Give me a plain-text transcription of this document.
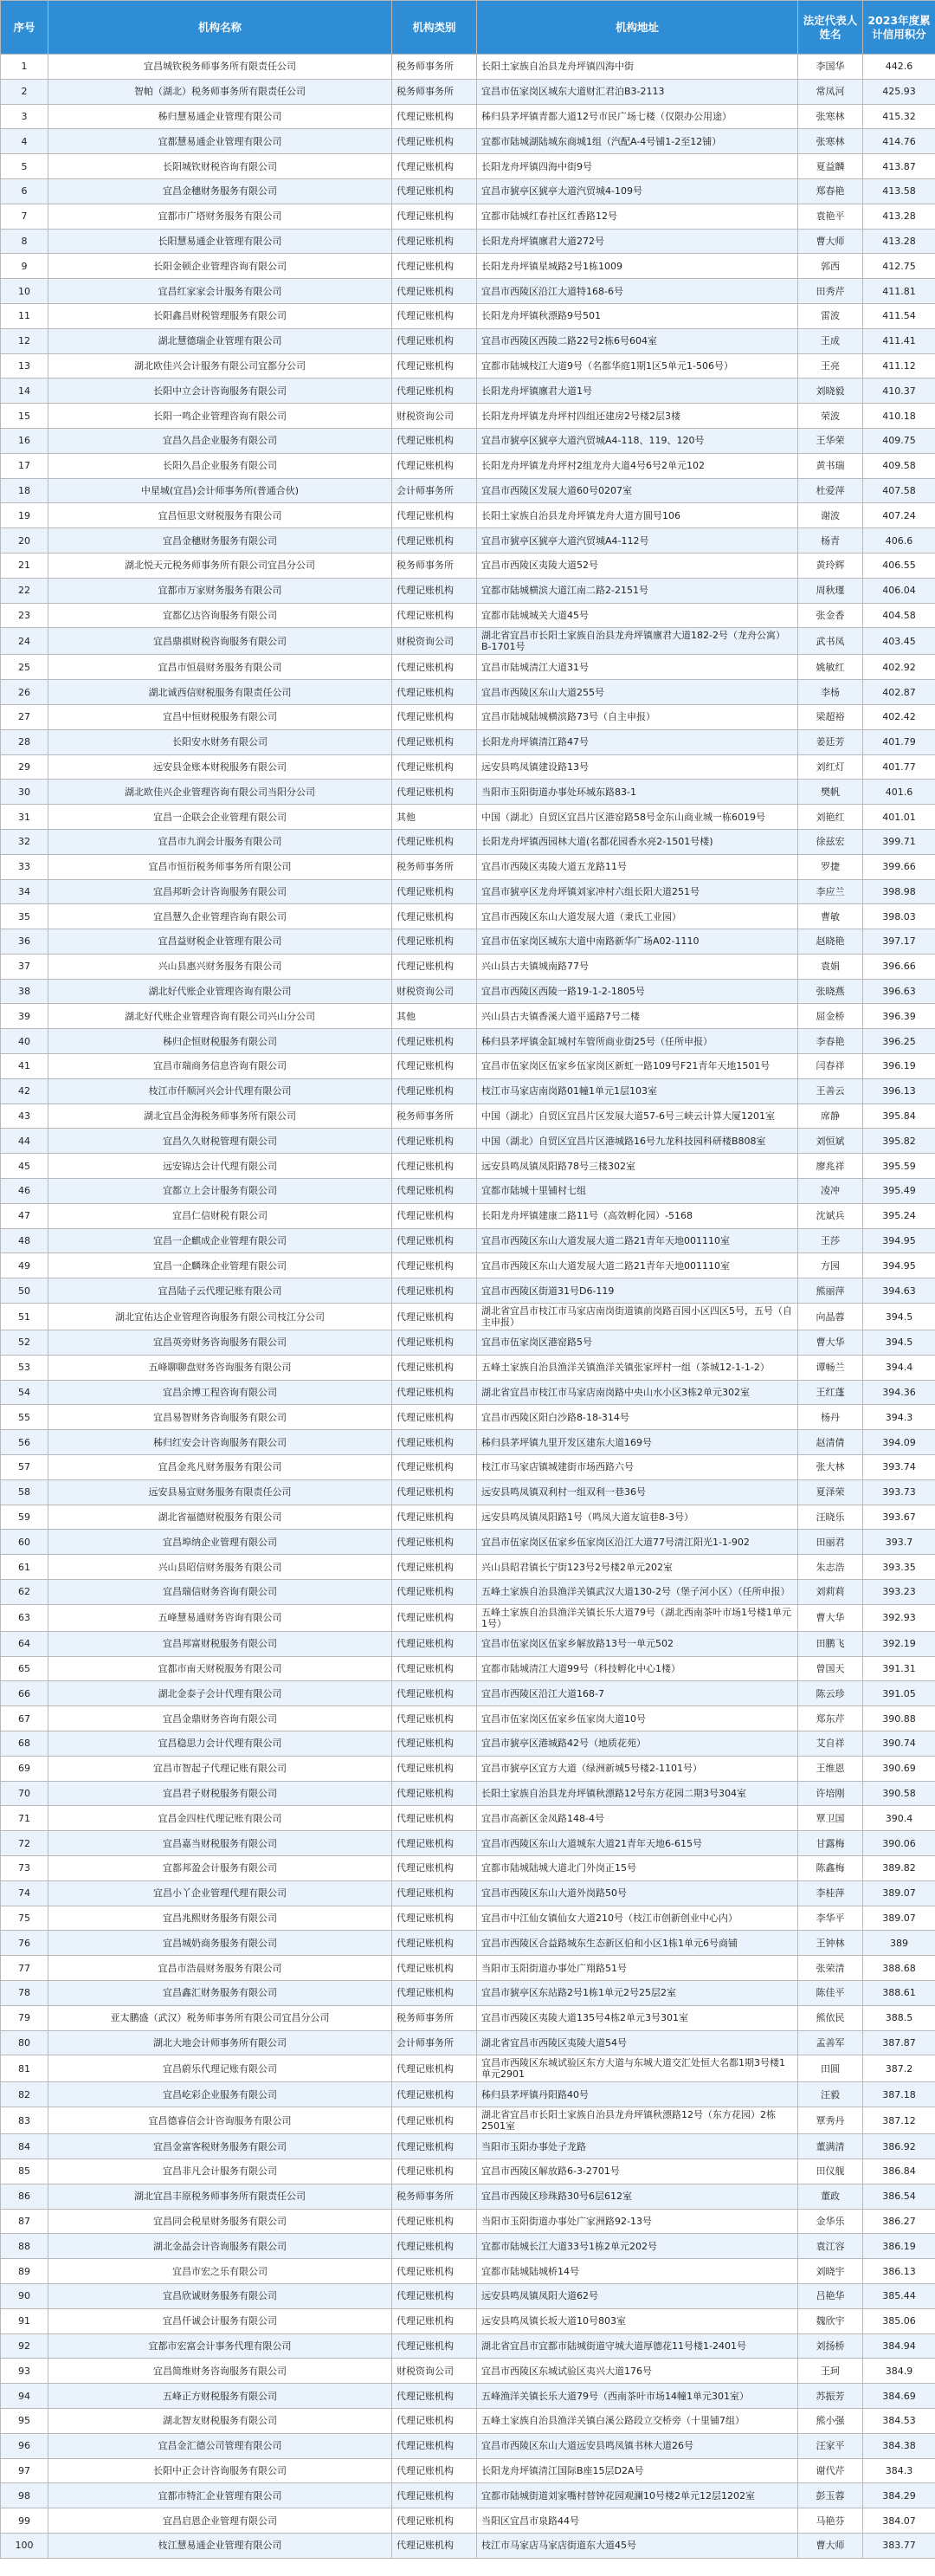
序号	机构名称	机构类别	机构地址	法定代表人姓名	2023年度累计信用积分
1	宜昌城钦税务师事务所有限责任公司	税务师事务所	长阳土家族自治县龙舟坪镇四海中街	李国华	442.6
2	智帕（湖北）税务师事务所有限责任公司	税务师事务所	宜昌市伍家岗区城东大道财汇君泊B3-2113	常凤河	425.93
3	秭归慧易通企业管理有限公司	代理记账机构	秭归县茅坪镇青都大道12号市民广场七楼（仅限办公用途）	张寒林	415.32
4	宜都慧易通企业管理有限公司	代理记账机构	宜都市陆城湖陆城东商城1组（汽配A-4号铺1-2至12铺）	张寒林	414.76
5	长阳城钦财税咨询有限公司	代理记账机构	长阳龙舟坪镇四海中街9号	夏益麟	413.87
6	宜昌金穗财务服务有限公司	代理记账机构	宜昌市猇亭区猇亭大道汽贸城4-109号	郑春艳	413.58
7	宜都市广塔财务服务有限公司	代理记账机构	宜都市陆城红春社区红香路12号	袁艳平	413.28
8	长阳慧易通企业管理有限公司	代理记账机构	长阳龙舟坪镇廪君大道272号	曹大师	413.28
9	长阳金顿企业管理咨询有限公司	代理记账机构	长阳龙舟坪镇星城路2号1栋1009	郭西	412.75
10	宜昌红家家会计服务有限公司	代理记账机构	宜昌市西陵区沿江大道特168-6号	田秀芹	411.81
11	长阳鑫昌财税管理服务有限公司	代理记账机构	长阳龙舟坪镇秋漂路9号501	雷波	411.54
12	湖北慧德瑞企业管理有限公司	代理记账机构	宜昌市西陵区西陵二路22号2栋6号604室	王成	411.41
13	湖北欧佳兴会计服务有限公司宜都分公司	代理记账机构	宜都市陆城枝江大道9号（名都华庭1期1区5单元1-506号）	王亮	411.12
14	长阳中立会计咨询服务有限公司	代理记账机构	长阳龙舟坪镇廪君大道1号	刘晓毅	410.37
15	长阳一鸣企业管理咨询有限公司	财税资询公司	长阳龙舟坪镇龙舟坪村四组还建房2号楼2层3楼	荣波	410.18
16	宜昌久昌企业服务有限公司	代理记账机构	宜昌市猇亭区猇亭大道汽贸城A4-118、119、120号	王华荣	409.75
17	长阳久昌企业服务有限公司	代理记账机构	长阳龙舟坪镇龙舟坪村2组龙舟大道4号6号2单元102	黄书瑞	409.58
18	中星城(宜昌)会计师事务所(普通合伙)	会计师事务所	宜昌市西陵区发展大道60号0207室	杜爱萍	407.58
19	宜昌恒思文财税服务有限公司	代理记账机构	长阳土家族自治县龙舟坪镇龙舟大道方圆号106	谢波	407.24
20	宜昌金穗财务服务有限公司	代理记账机构	宜昌市猇亭区猇亭大道汽贸城A4-112号	杨青	406.6
21	湖北悦天元税务师事务所有限公司宜昌分公司	税务师事务所	宜昌市西陵区夷陵大道52号	黄玲辉	406.55
22	宜都市万家财务服务有限公司	代理记账机构	宜都市陆城横滨大道江南二路2-2151号	周秋瑾	406.04
23	宜都亿达咨询服务有限公司	代理记账机构	宜都市陆城城关大道45号	张金香	404.58
24	宜昌鼎祺财税咨询服务有限公司	财税资询公司	湖北省宜昌市长阳土家族自治县龙舟坪镇廪君大道182-2号（龙舟公寓）B-1701号	武书凤	403.45
25	宜昌市恒晨财务服务有限公司	代理记账机构	宜昌市陆城清江大道31号	姚敏红	402.92
26	湖北诚西信财税服务有限责任公司	代理记账机构	宜昌市西陵区东山大道255号	李杨	402.87
27	宜昌中恒财税服务有限公司	代理记账机构	宜昌市陆城陆城横滨路73号（自主申报）	梁超裕	402.42
28	长阳安水财务有限公司	代理记账机构	长阳龙舟坪镇清江路47号	姜廷芳	401.79
29	远安县金账本财税服务有限公司	代理记账机构	远安县鸣凤镇建设路13号	刘红灯	401.77
30	湖北欧佳兴企业管理咨询有限公司当阳分公司	代理记账机构	当阳市玉阳街道办事处环城东路83-1	樊帆	401.6
31	宜昌一企联会企业管理有限公司	其他	中国（湖北）自贸区宜昌片区港窑路58号金东山商业城一栋6019号	刘艳红	401.01
32	宜昌市九润会计服务有限公司	代理记账机构	长阳龙舟坪镇西园林大道(名都花园香水亮2-1501号楼)	徐兹宏	399.71
33	宜昌市恒衍税务师事务所有限公司	税务师事务所	宜昌市西陵区夷陵大道五龙路11号	罗捷	399.66
34	宜昌邦昕会计咨询服务有限公司	代理记账机构	宜昌市猇亭区龙舟坪镇刘家冲村六组长阳大道251号	李应兰	398.98
35	宜昌慧久企业管理咨询有限公司	代理记账机构	宜昌市西陵区东山大道发展大道（秉氏工业园）	曹敏	398.03
36	宜昌益财税企业管理有限公司	代理记账机构	宜昌市伍家岗区城东大道中南路新华广场A02-1110	赵晓艳	397.17
37	兴山县惠兴财务服务有限公司	代理记账机构	兴山县古夫镇城南路77号	袁娟	396.66
38	湖北好代账企业管理咨询有限公司	财税资询公司	宜昌市西陵区西陵一路19-1-2-1805号	张晓燕	396.63
39	湖北好代账企业管理咨询有限公司兴山分公司	其他	兴山县古夫镇香溪大道平遥路7号二楼	屈金桥	396.39
40	秭归企恒财税服务有限公司	代理记账机构	秭归县茅坪镇金缸城村车管所商业街25号（任所申报）	李春艳	396.25
41	宜昌市瑞商务信息咨询有限公司	代理记账机构	宜昌市伍家岗区伍家乡伍家岗区新虹一路109号F21青年天地1501号	闫春祥	396.19
42	枝江市仟顺河兴会计代理有限公司	代理记账机构	枝江市马家店南岗路01幢1单元1层103室	王善云	396.13
43	湖北宜昌金海税务师事务所有限公司	税务师事务所	中国（湖北）自贸区宜昌片区发展大道57-6号三峡云计算大厦1201室	席静	395.84
44	宜昌久久财税管理有限公司	代理记账机构	中国（湖北）自贸区宜昌片区港城路16号九龙科技园科研楼B808室	刘恒斌	395.82
45	远安锦达会计代理有限公司	代理记账机构	远安县鸣凤镇凤阳路78号三楼302室	廖兆祥	395.59
46	宜都立上会计服务有限公司	代理记账机构	宜都市陆城十里铺村七组	凌冲	395.49
47	宜昌仁信财税有限公司	代理记账机构	长阳龙舟坪镇建康二路11号（高效孵化园）-5168	沈斌兵	395.24
48	宜昌一企麒成企业管理有限公司	代理记账机构	宜昌市西陵区东山大道发展大道二路21青年天地001110室	王莎	394.95
49	宜昌一企麟珠企业管理有限公司	代理记账机构	宜昌市西陵区东山大道发展大道二路21青年天地001110室	方园	394.95
50	宜昌陆子云代理记账有限公司	代理记账机构	宜昌市西陵区街道31号D6-119	熊丽萍	394.63
51	湖北宜佑达企业管理咨询服务有限公司枝江分公司	代理记账机构	湖北省宜昌市枝江市马家店南岗街道镇前岗路百园小区四区5号，五号（自主申报）	向晶蓉	394.5
52	宜昌英旁财务咨询服务有限公司	代理记账机构	宜昌市伍家岗区港窑路5号	曹大华	394.5
53	五峰聊聊盘财务咨询服务有限公司	代理记账机构	五峰土家族自治县渔洋关镇渔洋关镇张家坪村一组（茶城12-1-1-2）	谭畅兰	394.4
54	宜昌余博工程咨询有限公司	代理记账机构	湖北省宜昌市枝江市马家店南岗路中央山水小区3栋2单元302室	王红蓬	394.36
55	宜昌易智财务咨询服务有限公司	代理记账机构	宜昌市西陵区阳白沙路8-18-314号	杨丹	394.3
56	秭归红安会计咨询服务有限公司	代理记账机构	秭归县茅坪镇九里开发区建东大道169号	赵清倩	394.09
57	宜昌金兆凡财务服务有限公司	代理记账机构	枝江市马家店镇城建街市场西路六号	张大林	393.74
58	远安县易宣财务服务有限责任公司	代理记账机构	远安县鸣凤镇双利村一组双利一巷36号	夏泽荣	393.73
59	湖北省福德财税服务有限公司	代理记账机构	远安县鸣凤镇凤阳路1号（鸣凤大道友谊巷8-3号）	汪晓乐	393.67
60	宜昌埠纳企业管理有限公司	代理记账机构	宜昌市伍家岗区伍家乡伍家岗区沿江大道77号清江阳光1-1-902	田丽君	393.7
61	兴山县昭信财务服务有限公司	代理记账机构	兴山县昭君镇长宁街123号2号楼2单元202室	朱志浩	393.35
62	宜昌瑞信财务咨询有限公司	代理记账机构	五峰土家族自治县渔洋关镇武汉大道130-2号（堡子河小区）（任所申报）	刘莉莉	393.23
63	五峰慧易通财务咨询有限公司	代理记账机构	五峰土家族自治县渔洋关镇长乐大道79号（湖北西南茶叶市场1号楼1单元1号）	曹大华	392.93
64	宜昌邦富财税服务有限公司	代理记账机构	宜昌市伍家岗区伍家乡解放路13号一单元502	田鹏飞	392.19
65	宜都市南天财税服务有限公司	代理记账机构	宜都市陆城清江大道99号（科技孵化中心1楼）	曾国天	391.31
66	湖北金泰子会计代理有限公司	代理记账机构	宜昌市西陵区沿江大道168-7	陈云珍	391.05
67	宜昌金鼎财务咨询有限公司	代理记账机构	宜昌市伍家岗区伍家乡伍家岗大道10号	郑东芹	390.88
68	宜昌稳思力会计代理有限公司	代理记账机构	宜昌市猇亭区港城路42号（地质花苑）	艾自祥	390.74
69	宜昌市智起子代理记账有限公司	代理记账机构	宜昌市猇亭区宜方大道（绿洲新城5号楼2-1101号）	王维恩	390.69
70	宜昌君子财税服务有限公司	代理记账机构	长阳土家族自治县龙舟坪镇秋漂路12号东方花园二期3号304室	许培刚	390.58
71	宜昌金四柱代理记账有限公司	代理记账机构	宜昌市高新区金凤路148-4号	覃卫国	390.4
72	宜昌嘉当财税服务有限公司	代理记账机构	宜昌市西陵区东山大道城东大道21青年天地6-615号	甘露梅	390.06
73	宜都邦盈会计服务有限公司	代理记账机构	宜都市陆城陆城大道北门外岗正15号	陈鑫梅	389.82
74	宜昌小丫企业管理代理有限公司	代理记账机构	宜昌市西陵区东山大道外岗路50号	李桂萍	389.07
75	宜昌兆熙财务服务有限公司	代理记账机构	宜昌市中江仙女镇仙女大道210号（枝江市创新创业中心内）	李华平	389.07
76	宜昌城奶商务服务有限公司	代理记账机构	宜昌市西陵区合益路城东生态新区伯和小区1栋1单元6号商铺	王钟林	389
77	宜昌市浩晨财务服务有限公司	代理记账机构	当阳市玉阳街道办事处广翔路51号	张荣清	388.68
78	宜昌鑫汇财务服务有限公司	代理记账机构	宜昌市猇亭区东站路2号1栋1单元2号25层2室	陈佳平	388.61
79	亚太鹏盛（武汉）税务师事务所有限公司宜昌分公司	税务师事务所	宜昌市西陵区夷陵大道135号4栋2单元3号301室	熊依民	388.5
80	湖北大地会计师事务所有限公司	会计师事务所	湖北省宜昌市西陵区夷陵大道54号	孟善军	387.87
81	宜昌蔚乐代理记账有限公司	代理记账机构	宜昌市西陵区东城试验区东方大道与东城大道交汇处恒大名都1期3号楼1单元2901	田圆	387.2
82	宜昌屹彩企业服务有限公司	代理记账机构	秭归县茅坪镇丹阳路40号	汪毅	387.18
83	宜昌德睿信会计咨询服务有限公司	代理记账机构	湖北省宜昌市长阳土家族自治县龙舟坪镇秋漂路12号（东方花园）2栋2501室	覃秀丹	387.12
84	宜昌金富客税财务服务有限公司	代理记账机构	当阳市玉阳办事处子龙路	董满清	386.92
85	宜昌非凡会计服务有限公司	代理记账机构	宜昌市西陵区解放路6-3-2701号	田仪舰	386.84
86	湖北宜昌丰原税务师事务所有限责任公司	税务师事务所	宜昌市西陵区珍珠路30号6层612室	董政	386.54
87	宜昌同会税星财务服务有限公司	代理记账机构	当阳市玉阳街道办事处广家洲路92-13号	金华乐	386.27
88	湖北金晶会计咨询服务有限公司	代理记账机构	宜都市陆城长江大道33号1栋2单元202号	袁江容	386.19
89	宜昌市宏之乐有限公司	代理记账机构	宜都市陆城陆城桥14号	刘晓宇	386.13
90	宜昌欣诚财务服务有限公司	代理记账机构	远安县鸣凤镇凤阳大道62号	吕艳华	385.44
91	宜昌仟诚会计服务有限公司	代理记账机构	远安县鸣凤镇长坂大道10号803室	魏欣宇	385.06
92	宜都市宏富会计事务代理有限公司	代理记账机构	湖北省宜昌市宜都市陆城街道守城大道厚德花11号楼1-2401号	刘扬桥	384.94
93	宜昌简维财务咨询服务有限公司	财税资询公司	宜昌市西陵区东城试验区夷兴大道176号	王珂	384.9
94	五峰正方财税服务有限公司	代理记账机构	五峰渔洋关镇长乐大道79号（西南茶叶市场14幢1单元301室）	苏振芳	384.69
95	湖北智友财税服务有限公司	代理记账机构	五峰土家族自治县渔洋关镇白溪公路段立交桥旁（十里铺7组）	熊小强	384.53
96	宜昌金汇德公司管理有限公司	代理记账机构	宜昌市西陵区东山大道远安县鸣凤镇书林大道26号	汪家平	384.38
97	长阳中正会计咨询服务有限公司	代理记账机构	长阳龙舟坪镇清江国际B座15层D2A号	谢代芹	384.3
98	宜都市特汇企业管理有限公司	代理记账机构	宜都市陆城街道刘家嘴村替钟花园观澜10号楼2单元12层1202室	彭玉蓉	384.29
99	宜昌启恩企业管理有限公司	代理记账机构	当阳区宜昌市泉路44号	马艳芬	384.07
100	枝江慧易通企业管理有限公司	代理记账机构	枝江市马家店马家店街道东大道45号	曹大师	383.77
